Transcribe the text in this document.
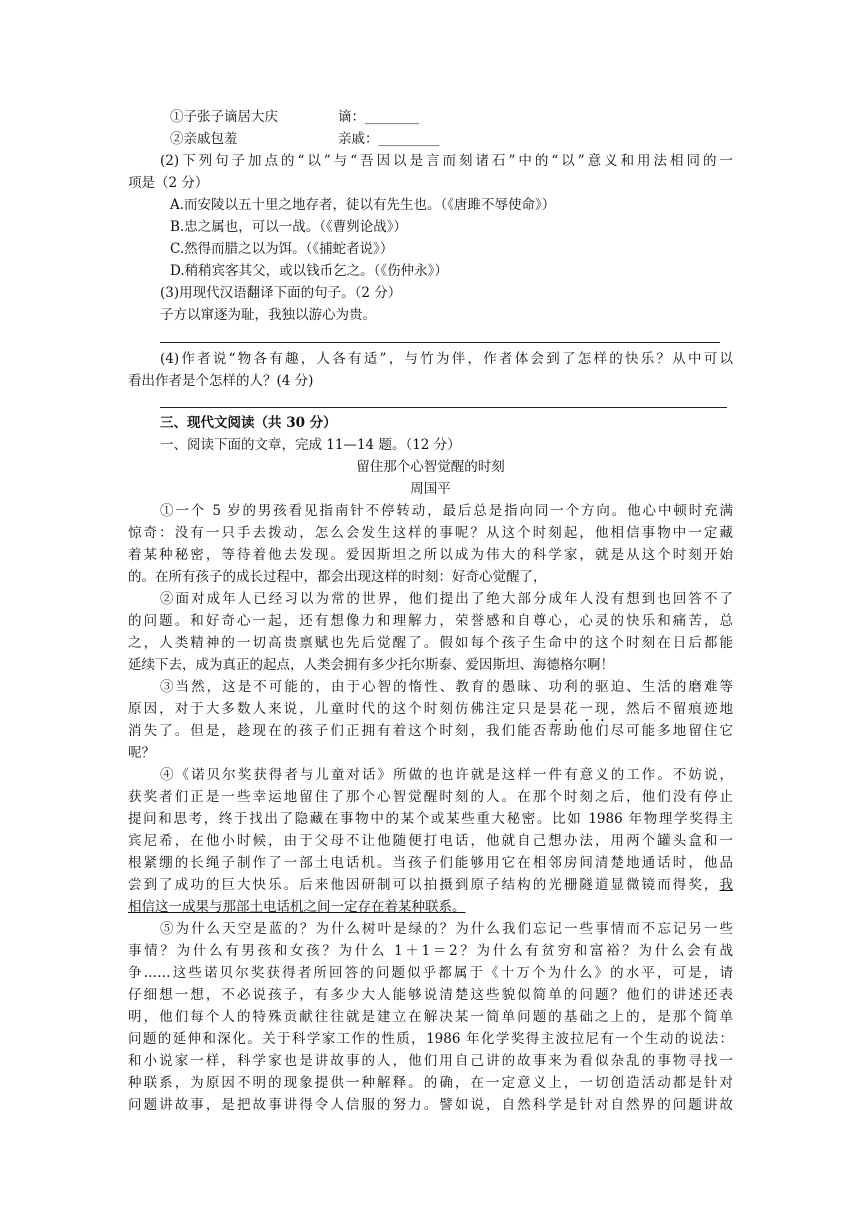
①子张子谪居大庆	谪：________
②亲戚包羞	亲戚：_________
(2)下列句子加点的“以”与“吾因以是言而刻诸石”中的“以”意义和用法相同的一
项是（2 分）
A.而安陵以五十里之地存者，徒以有先生也。（《唐雎不辱使命》）
B.忠之属也，可以一战。（《曹刿论战》）
C.然得而腊之以为饵。（《捕蛇者说》）
D.稍稍宾客其父，或以钱币乞之。（《伤仲永》）
(3)用现代汉语翻译下面的句子。（2 分）
子方以窜逐为耻，我独以游心为贵。
(4)作者说“物各有趣，人各有适”，与竹为伴，作者体会到了怎样的快乐？从中可以
看出作者是个怎样的人？(4 分)
三、现代文阅读（共 30 分）
一、阅读下面的文章，完成 11—14 题。（12 分）
留住那个心智觉醒的时刻
周国平
①一个 5 岁的男孩看见指南针不停转动，最后总是指向同一个方向。他心中顿时充满
惊奇：没有一只手去拨动，怎么会发生这样的事呢？从这个时刻起，他相信事物中一定藏
着某种秘密，等待着他去发现。爱因斯坦之所以成为伟大的科学家，就是从这个时刻开始
的。在所有孩子的成长过程中，都会出现这样的时刻：好奇心觉醒了，
②面对成年人已经习以为常的世界，他们提出了绝大部分成年人没有想到也回答不了
的问题。和好奇心一起，还有想像力和理解力，荣誉感和自尊心，心灵的快乐和痛苦，总
之，人类精神的一切高贵禀赋也先后觉醒了。假如每个孩子生命中的这个时刻在日后都能
延续下去，成为真正的起点，人类会拥有多少托尔斯泰、爱因斯坦、海德格尔啊！
③当然，这是不可能的，由于心智的惰性、教育的愚昧、功利的驱迫、生活的磨难等
原因，对于大多数人来说，儿童时代的这个时刻仿佛注定只是昙花一现，然后不留痕迹地
消失了。但是，趁现在的孩子们正拥有着这个时刻，我们能否帮助他们尽可能多地留住它
呢？
④《诺贝尔奖获得者与儿童对话》所做的也许就是这样一件有意义的工作。不妨说，
获奖者们正是一些幸运地留住了那个心智觉醒时刻的人。在那个时刻之后，他们没有停止
提问和思考，终于找出了隐藏在事物中的某个或某些重大秘密。比如 1986 年物理学奖得主
宾尼希，在他小时候，由于父母不让他随便打电话，他就自己想办法，用两个罐头盒和一
根紧绷的长绳子制作了一部土电话机。当孩子们能够用它在相邻房间清楚地通话时，他品
尝到了成功的巨大快乐。后来他因研制可以拍摄到原子结构的光栅隧道显微镜而得奖，我
相信这一成果与那部土电话机之间一定存在着某种联系。
⑤为什么天空是蓝的？为什么树叶是绿的？为什么我们忘记一些事情而不忘记另一些
事情？为什么有男孩和女孩？为什么 1＋1＝2？为什么有贫穷和富裕？为什么会有战
争……这些诺贝尔奖获得者所回答的问题似乎都属于《十万个为什么》的水平，可是，请
仔细想一想，不必说孩子，有多少大人能够说清楚这些貌似简单的问题？他们的讲述还表
明，他们每个人的特殊贡献往往就是建立在解决某一简单问题的基础之上的，是那个简单
问题的延伸和深化。关于科学家工作的性质，1986 年化学奖得主波拉尼有一个生动的说法：
和小说家一样，科学家也是讲故事的人，他们用自己讲的故事来为看似杂乱的事物寻找一
种联系，为原因不明的现象提供一种解释。的确，在一定意义上，一切创造活动都是针对
问题讲故事，是把故事讲得令人信服的努力。譬如说，自然科学是针对自然界的问题讲故
